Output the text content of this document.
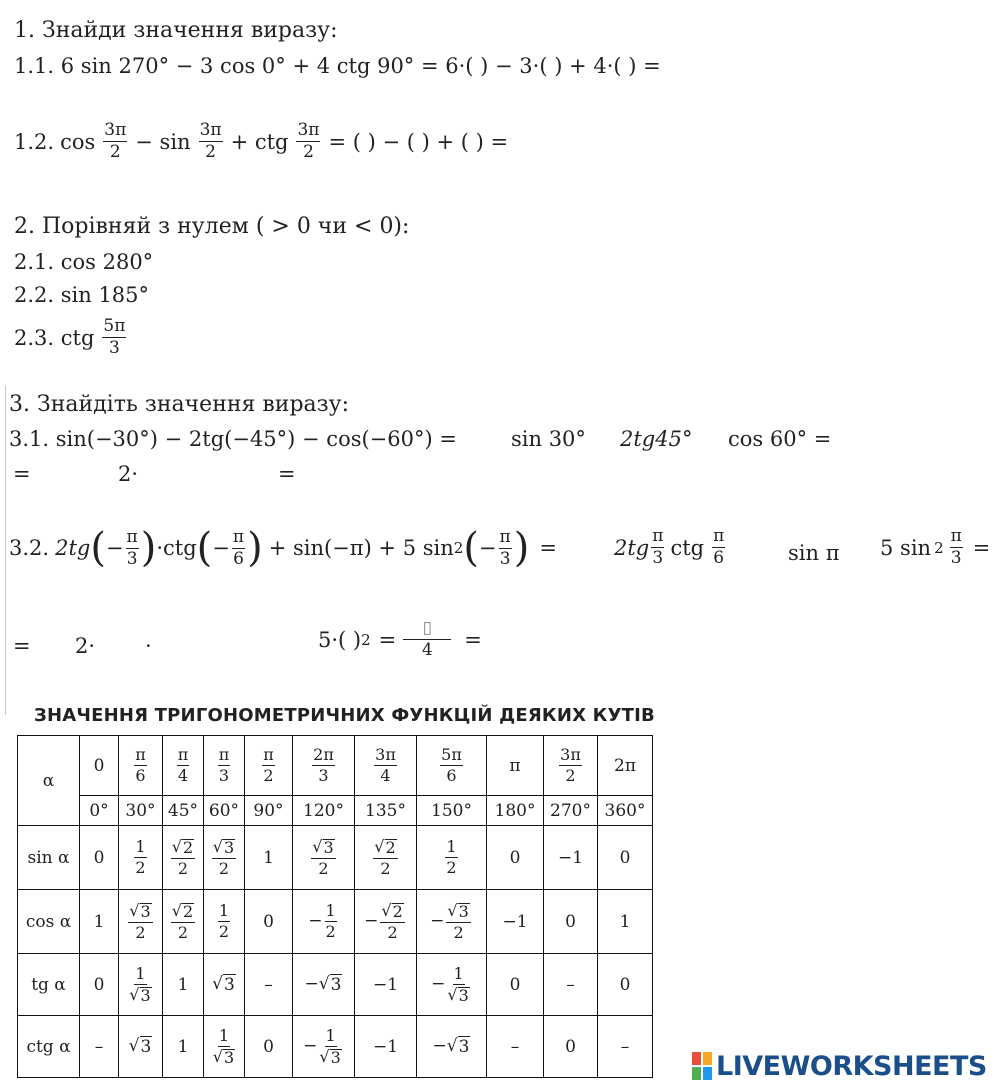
1. Знайди значення виразу:
1.1. 6 sin 270° − 3 cos 0° + 4 ctg 90° = 6·( ) − 3·( ) + 4·( ) =
1.2. $\cos \frac{3\pi}{2} - \sin \frac{3\pi}{2}$ + ctg $\frac{3\pi}{2}$ = ( ) − ( ) + ( ) =
2. Порівняй з нулем ( > 0 чи < 0):
2.1. cos 280°
2.2. sin 185°
2.3. ctg $\frac{5\pi}{3}$
3. Знайдіть значення виразу:
3.1. sin(−30°) − 2tg(−45°) − cos(−60°) =	sin 30° 2tg45° cos 60° =
=	2·	=
3.2. 2tg ( − $\frac{\pi}{3}$ ) ·ctg ( − $\frac{\pi}{6}$ ) + sin(−π) + 5 sin 2 ( − $\frac{\pi}{3}$ ) =	$2tg \frac{\pi}{3}$ ctg $\frac{\pi}{6}$	sin π 5 $\sin 2 \frac{\pi}{3}$ =
= 2· ·	5·( ) $2 = \frac{▯}{4}$ =
ЗНАЧЕННЯ ТРИГОНОМЕТРИЧНИХ ФУНКЦІЙ ДЕЯКИХ КУТІВ
α	0	$\frac{\pi}{6}$	$\frac{\pi}{4}$	$\frac{\pi}{3}$	$\frac{\pi}{2}$	$\frac{2\pi}{3}$	$\frac{3\pi}{4}$	$\frac{5\pi}{6}$	π	$\frac{3\pi}{2}$	2π
	0°	30°	45°	60°	90°	120°	135°	150°	180°	270°	360°
sin α	0	$\frac{1}{2}$	$\frac{√ 2}{2}$	$\frac{√ 3}{2}$	1	$\frac{√ 3}{2}$	$\frac{√ 2}{2}$	$\frac{1}{2}$	0	−1	0
cos α	1	$\frac{√ 3}{2}$	$\frac{√ 2}{2}$	$\frac{1}{2}$	0	− $\frac{1}{2}$	− $\frac{√ 2}{2}$	− $\frac{√ 3}{2}$	−1	0	1
tg α	0	$\frac{1}{√ 3}$	1	√ 3	–	− √ 3	−1	− $\frac{1}{√ 3}$	0	–	0
ctg α	–	√ 3	1	$\frac{1}{√ 3}$	0	− $\frac{1}{√ 3}$	−1	− √ 3	–	0	–
LIVEWORKSHEETS
